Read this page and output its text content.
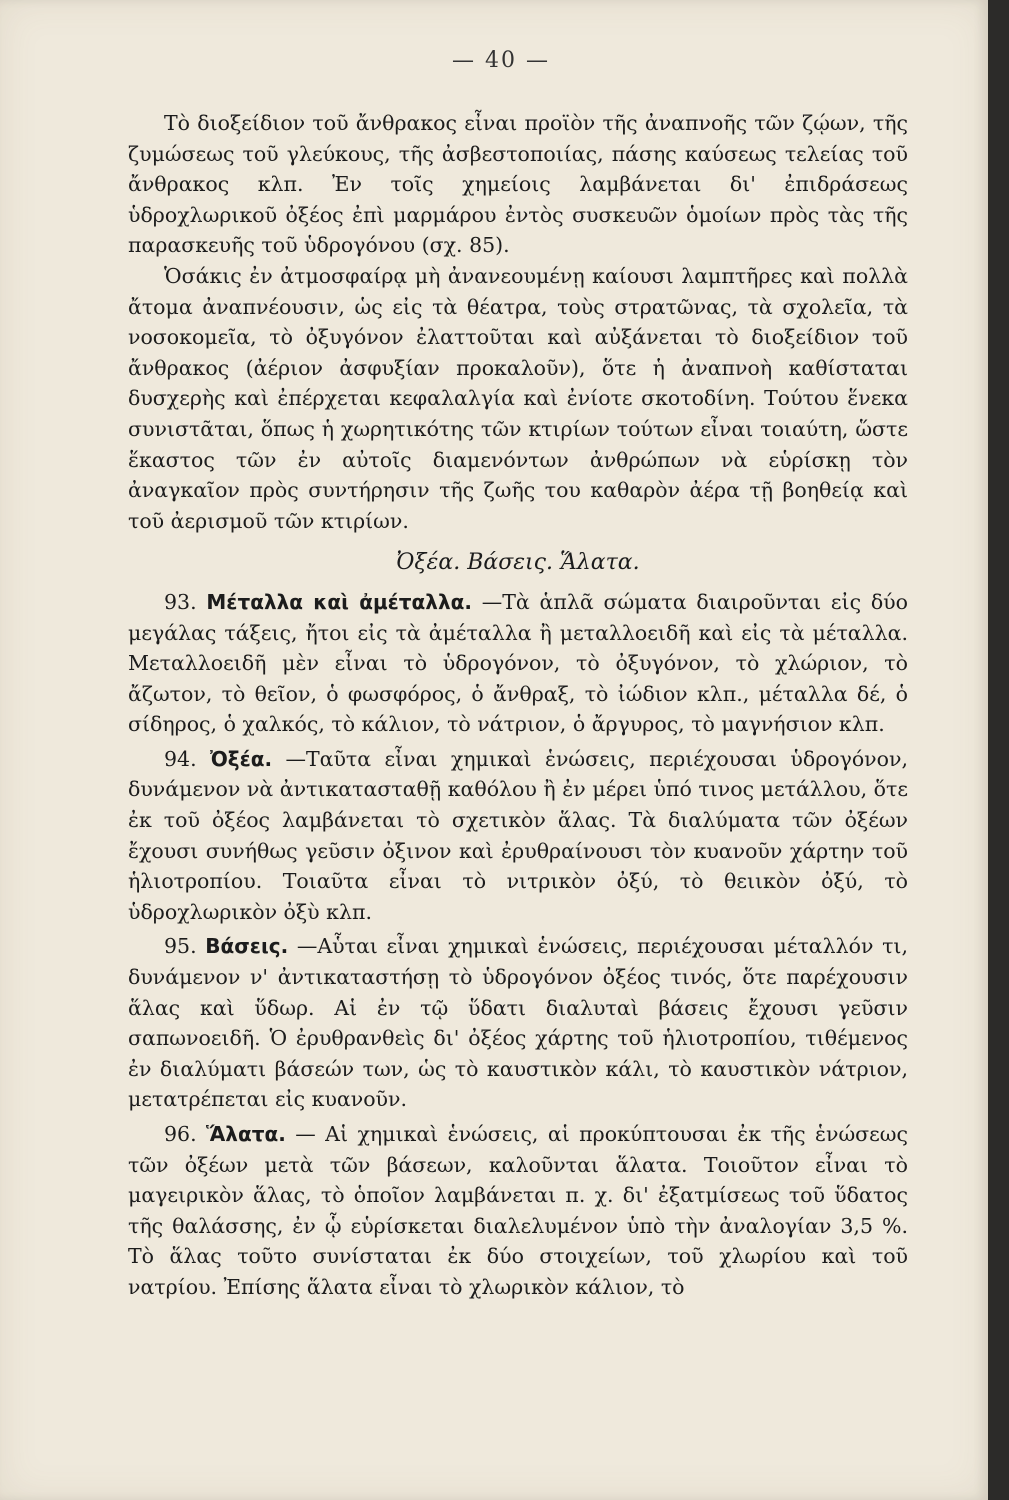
— 40 —

Τὸ διοξείδιον τοῦ ἄνθρακος εἶναι προϊὸν τῆς ἀναπνοῆς τῶν ζῴων, τῆς ζυμώσεως τοῦ γλεύκους, τῆς ἀσβεστοποιίας, πάσης καύσεως τελείας τοῦ ἄνθρακος κλπ. Ἐν τοῖς χημείοις λαμβάνεται δι' ἐπιδράσεως ὑδροχλωρικοῦ ὀξέος ἐπὶ μαρμάρου ἐντὸς συσκευῶν ὁμοίων πρὸς τὰς τῆς παρασκευῆς τοῦ ὑδρογόνου (σχ. 85).

Ὁσάκις ἐν ἀτμοσφαίρᾳ μὴ ἀνανεουμένῃ καίουσι λαμπτῆρες καὶ πολλὰ ἄτομα ἀναπνέουσιν, ὡς εἰς τὰ θέατρα, τοὺς στρατῶνας, τὰ σχολεῖα, τὰ νοσοκομεῖα, τὸ ὀξυγόνον ἐλαττοῦται καὶ αὐξάνεται τὸ διοξείδιον τοῦ ἄνθρακος (ἀέριον ἀσφυξίαν προκαλοῦν), ὅτε ἡ ἀναπνοὴ καθίσταται δυσχερὴς καὶ ἐπέρχεται κεφαλαλγία καὶ ἐνίοτε σκοτοδίνη. Τούτου ἕνεκα συνιστᾶται, ὅπως ἡ χωρητικότης τῶν κτιρίων τούτων εἶναι τοιαύτη, ὥστε ἕκαστος τῶν ἐν αὐτοῖς διαμενόντων ἀνθρώπων νὰ εὑρίσκῃ τὸν ἀναγκαῖον πρὸς συντήρησιν τῆς ζωῆς του καθαρὸν ἀέρα τῇ βοηθείᾳ καὶ τοῦ ἀερισμοῦ τῶν κτιρίων.

Ὀξέα. Βάσεις. Ἅλατα.

93. Μέταλλα καὶ ἀμέταλλα. —Τὰ ἁπλᾶ σώματα διαιροῦνται εἰς δύο μεγάλας τάξεις, ἤτοι εἰς τὰ ἀμέταλλα ἢ μεταλλοειδῆ καὶ εἰς τὰ μέταλλα. Μεταλλοειδῆ μὲν εἶναι τὸ ὑδρογόνον, τὸ ὀξυγόνον, τὸ χλώριον, τὸ ἄζωτον, τὸ θεῖον, ὁ φωσφόρος, ὁ ἄνθραξ, τὸ ἰώδιον κλπ., μέταλλα δέ, ὁ σίδηρος, ὁ χαλκός, τὸ κάλιον, τὸ νάτριον, ὁ ἄργυρος, τὸ μαγνήσιον κλπ.

94. Ὀξέα. —Ταῦτα εἶναι χημικαὶ ἑνώσεις, περιέχουσαι ὑδρογόνον, δυνάμενον νὰ ἀντικατασταθῇ καθόλου ἢ ἐν μέρει ὑπό τινος μετάλλου, ὅτε ἐκ τοῦ ὀξέος λαμβάνεται τὸ σχετικὸν ἅλας. Τὰ διαλύματα τῶν ὀξέων ἔχουσι συνήθως γεῦσιν ὀξινον καὶ ἐρυθραίνουσι τὸν κυανοῦν χάρτην τοῦ ἡλιοτροπίου. Τοιαῦτα εἶναι τὸ νιτρικὸν ὀξύ, τὸ θειικὸν ὀξύ, τὸ ὑδροχλωρικὸν ὀξὺ κλπ.

95. Βάσεις. —Αὗται εἶναι χημικαὶ ἑνώσεις, περιέχουσαι μέταλλόν τι, δυνάμενον ν' ἀντικαταστήσῃ τὸ ὑδρογόνον ὀξέος τινός, ὅτε παρέχουσιν ἅλας καὶ ὕδωρ. Αἱ ἐν τῷ ὕδατι διαλυταὶ βάσεις ἔχουσι γεῦσιν σαπωνοειδῆ. Ὁ ἐρυθρανθεὶς δι' ὀξέος χάρτης τοῦ ἡλιοτροπίου, τιθέμενος ἐν διαλύματι βάσεών των, ὡς τὸ καυστικὸν κάλι, τὸ καυστικὸν νάτριον, μετατρέπεται εἰς κυανοῦν.

96. Ἅλατα. — Αἱ χημικαὶ ἑνώσεις, αἱ προκύπτουσαι ἐκ τῆς ἑνώσεως τῶν ὀξέων μετὰ τῶν βάσεων, καλοῦνται ἅλατα. Τοιοῦτον εἶναι τὸ μαγειρικὸν ἅλας, τὸ ὁποῖον λαμβάνεται π. χ. δι' ἐξατμίσεως τοῦ ὕδατος τῆς θαλάσσης, ἐν ᾧ εὑρίσκεται διαλελυμένον ὑπὸ τὴν ἀναλογίαν 3,5 %. Τὸ ἅλας τοῦτο συνίσταται ἐκ δύο στοιχείων, τοῦ χλωρίου καὶ τοῦ νατρίου. Ἐπίσης ἅλατα εἶναι τὸ χλωρικὸν κάλιον, τὸ
